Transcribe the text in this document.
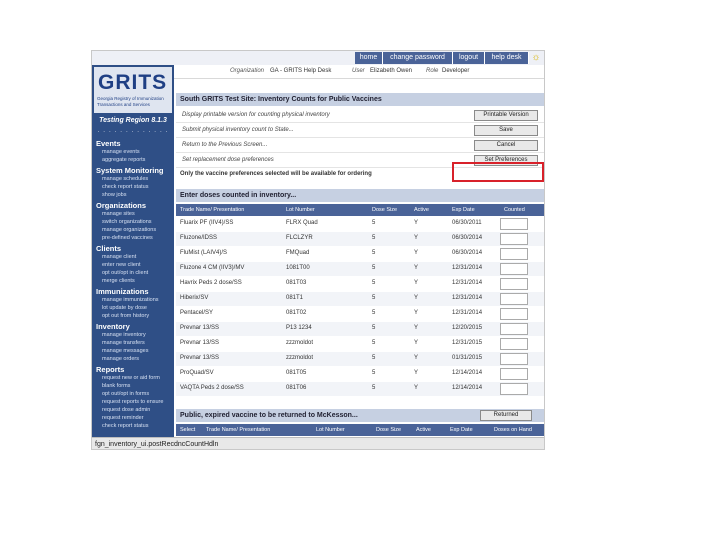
home	change password	logout	help desk ☼
Organization GA - GRITS Help Desk	User Elizabeth Owen Role Developer
GRITS
Georgia Registry of Immunization
Transactions and Services
Testing Region 8.1.3
· · · · · · · · · · · · ·
Events
manage events
aggregate reports
System Monitoring
manage schedules
check report status
show jobs
Organizations
manage sites
switch organizations
manage organizations
pre-defined vaccines
Clients
manage client
enter new client
opt out/opt in client
merge clients
Immunizations
manage immunizations
lot update by dose
opt out from history
Inventory
manage inventory
manage transfers
manage messages
manage orders
Reports
request new or aid form
blank forms
opt out/opt in forms
request reports to ensure
request dose admin
request reminder
check report status
South GRITS Test Site: Inventory Counts for Public Vaccines
Display printable version for counting physical inventory	Printable Version
Submit physical inventory count to State...	Save
Return to the Previous Screen...	Cancel
Set replacement dose preferences	Set Preferences
Only the vaccine preferences selected will be available for ordering
Enter doses counted in inventory...
Trade Name/ Presentation	Lot Number	Dose Size	Active	Exp Date	Counted
Fluarix PF (IIV4)/SS	FLRX Quad	5	Y	06/30/2011
Fluzone/IDSS	FLCLZYR	5	Y	06/30/2014
FluMist (LAIV4)/S	FMQuad	5	Y	06/30/2014
Fluzone 4 CM (IIV3)/MV	1081T00	5	Y	12/31/2014
Havrix Peds 2 dose/SS	081T03	5	Y	12/31/2014
Hiberix/SV	081T1	5	Y	12/31/2014
Pentacel/SY	081T02	5	Y	12/31/2014
Prevnar 13/SS	P13 1234	5	Y	12/20/2015
Prevnar 13/SS	zzzmoldot	5	Y	12/31/2015
Prevnar 13/SS	zzzmoldot	5	Y	01/31/2015
ProQuad/SV	081T05	5	Y	12/14/2014
VAQTA Peds 2 dose/SS	081T06	5	Y	12/14/2014
Public, expired vaccine to be returned to McKesson...	Returned
Select Trade Name/ Presentation	Lot Number	Dose Size	Active	Exp Date	Doses on Hand
fgn_inventory_ui.postRecdncCountHdln
